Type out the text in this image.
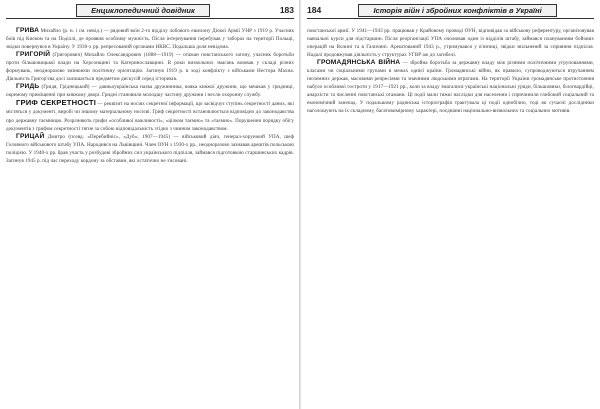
Енциклопедичний довідник	183

ГРИВА Михайло (р. н. і см. невід.) — рядовий воїн 2-го відділу лобового ешелону Дієвої Армії УНР з 1919 р. Учасник боїв під Києвом та на Поділлі, де проявив особливу мужність. Після інтернування перебував у таборах на території Польщі, звідки повернувся в Україну. У 1930-х рр. репресований органами НКВС. Подальша доля невідома.

ГРИГОРІЙ (Григорович) Михайло Олександрович (1888—1919) — отаман повстанського загону, учасник боротьби проти більшовицької влади на Херсонщині та Катеринославщині. В роки визвольних змагань воював у складі різних формувань, неодноразово змінюючи політичну орієнтацію. Загинув 1919 р. в ході конфлікту з військами Нестора Махна. Діяльність Григор'єва досі залишається предметом дискусій серед істориків.

ГРИДЬ (Гридя, Гріднецький) — давньоукраїнська назва дружинника, вояка княжої дружини, що мешкав у гридниці, окремому приміщенні при княжому дворі. Гридні становили молодшу частину дружини і несли охоронну службу.

ГРИФ СЕКРЕТНОСТІ — реквізит на носіях секретної інформації, що засвідчує ступінь секретності даних, які містяться у документі, виробі чи іншому матеріальному носієві. Гриф секретності встановлюється відповідно до законодавства про державну таємницю. Розрізняють грифи «особливої важливості», «цілком таємно» та «таємно». Порушення порядку обігу документів з грифом секретності тягне за собою відповідальність згідно з чинним законодавством.

ГРИЦАЙ Дмитро (псевд. «Перебийніс», «Дуб»; 1907—1945) — військовий діяч, генерал-хорунжий УПА, шеф Головного військового штабу УПА. Народився на Львівщині. Член ОУН з 1930-х рр., неодноразово зазнавав арештів польською поліцією. У 1940-х рр. брав участь у розбудові збройних сил українського підпілля, займався підготовкою старшинських кадрів. Загинув 1945 р. під час переходу кордону за обставин, які остаточно не з'ясовані.

184	Історія війн і збройних конфліктів в Україні

повстанської армії. У 1941—1943 рр. працював у Крайовому проводі ОУН, відповідав за військову референтуру, організовував навчальні курси для підстаршин. Після реорганізації УПА очолював один із відділів штабу, займався плануванням бойових операцій на Волині та в Галичині. Арештований 1943 р., утримувався у в'язниці, звідки звільнений за сприяння підпілля. Надалі продовжував діяльність у структурах УГВР аж до загибелі.

ГРОМАДЯНСЬКА ВІЙНА — збройна боротьба за державну владу між різними політичними угрупованнями, класами чи соціальними групами в межах однієї країни. Громадянські війни, як правило, супроводжуються втручанням іноземних держав, масовими репресіями та значними людськими втратами. На території України громадянське протистояння набуло особливої гостроти у 1917—1921 рр., коли за владу змагалися українські національні уряди, більшовики, білогвардійці, анархісти та численні повстанські отамани. Ці події мали тяжкі наслідки для населення і спричинили глибокий соціальний та економічний занепад. У подальшому радянська історіографія трактувала ці події однобічно, тоді як сучасні дослідники наголошують на їх складному, багатовимірному характері, поєднанні національно-визвольних та соціальних мотивів.
